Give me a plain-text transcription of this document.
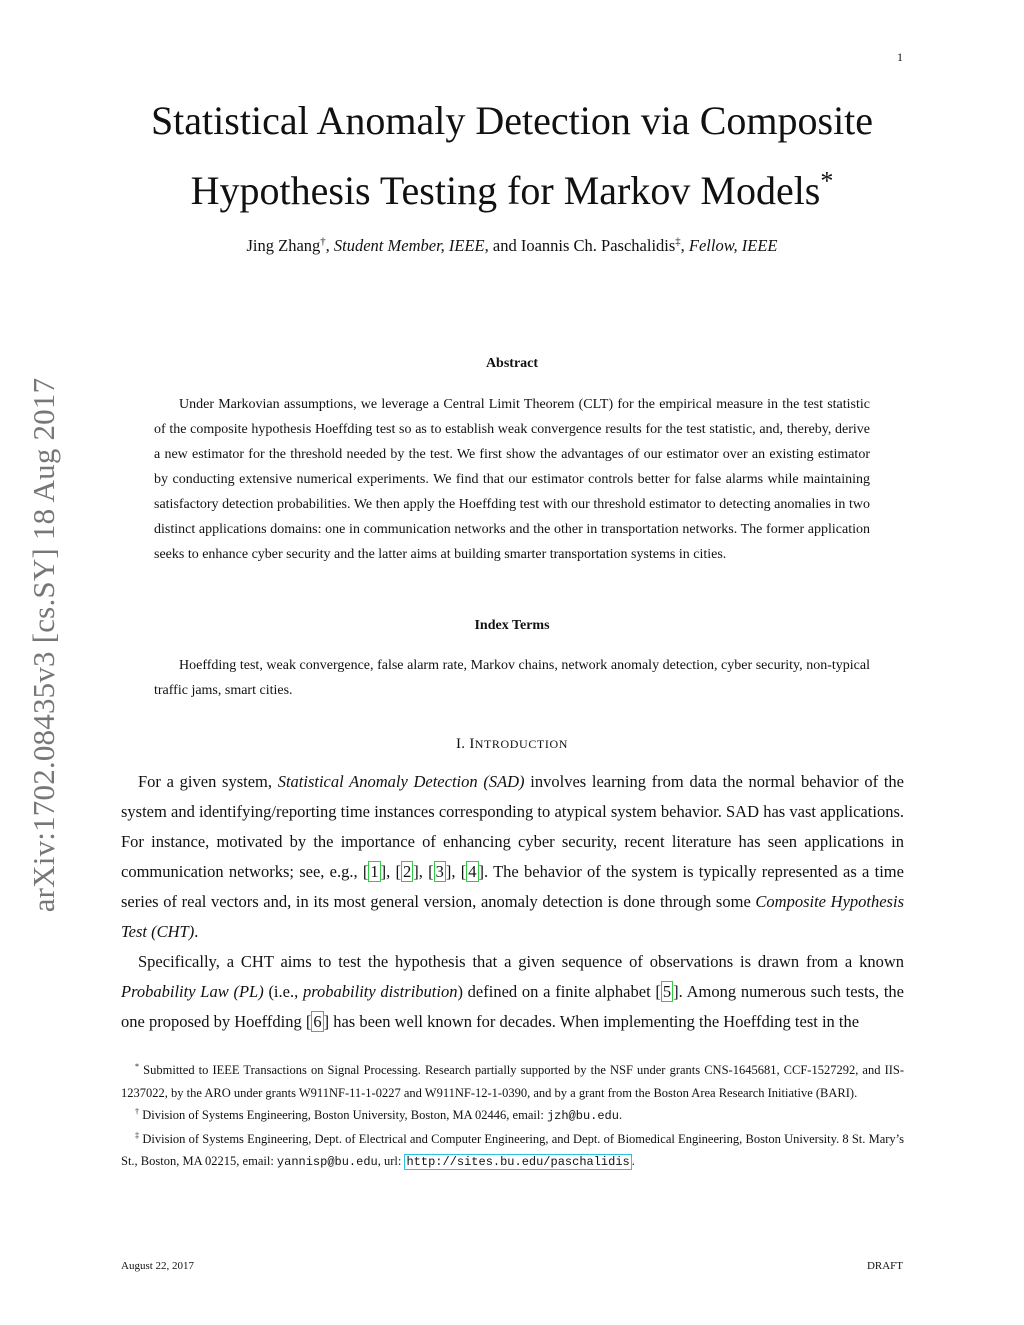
1
arXiv:1702.08435v3 [cs.SY] 18 Aug 2017
Statistical Anomaly Detection via Composite
Hypothesis Testing for Markov Models*
Jing Zhang†, Student Member, IEEE, and Ioannis Ch. Paschalidis‡, Fellow, IEEE
Abstract
Under Markovian assumptions, we leverage a Central Limit Theorem (CLT) for the empirical measure in the test statistic of the composite hypothesis Hoeffding test so as to establish weak convergence results for the test statistic, and, thereby, derive a new estimator for the threshold needed by the test. We first show the advantages of our estimator over an existing estimator by conducting extensive numerical experiments. We find that our estimator controls better for false alarms while maintaining satisfactory detection probabilities. We then apply the Hoeffding test with our threshold estimator to detecting anomalies in two distinct applications domains: one in communication networks and the other in transportation networks. The former application seeks to enhance cyber security and the latter aims at building smarter transportation systems in cities.
Index Terms
Hoeffding test, weak convergence, false alarm rate, Markov chains, network anomaly detection, cyber security, non-typical traffic jams, smart cities.
I. INTRODUCTION
For a given system, Statistical Anomaly Detection (SAD) involves learning from data the normal behavior of the system and identifying/reporting time instances corresponding to atypical system behavior. SAD has vast applications. For instance, motivated by the importance of enhancing cyber security, recent literature has seen applications in communication networks; see, e.g., [ 1 ], [ 2 ], [ 3 ], [ 4 ]. The behavior of the system is typically represented as a time series of real vectors and, in its most general version, anomaly detection is done through some Composite Hypothesis Test (CHT).
Specifically, a CHT aims to test the hypothesis that a given sequence of observations is drawn from a known Probability Law (PL) (i.e., probability distribution) defined on a finite alphabet [ 5 ]. Among numerous such tests, the one proposed by Hoeffding [ 6 ] has been well known for decades. When implementing the Hoeffding test in the

* Submitted to IEEE Transactions on Signal Processing. Research partially supported by the NSF under grants CNS-1645681, CCF-1527292, and IIS-1237022, by the ARO under grants W911NF-11-1-0227 and W911NF-12-1-0390, and by a grant from the Boston Area Research Initiative (BARI).

† Division of Systems Engineering, Boston University, Boston, MA 02446, email: jzh@bu.edu.

‡ Division of Systems Engineering, Dept. of Electrical and Computer Engineering, and Dept. of Biomedical Engineering, Boston University. 8 St. Mary’s St., Boston, MA 02215, email: yannisp@bu.edu, url: http://sites.bu.edu/paschalidis .

August 22, 2017	DRAFT
